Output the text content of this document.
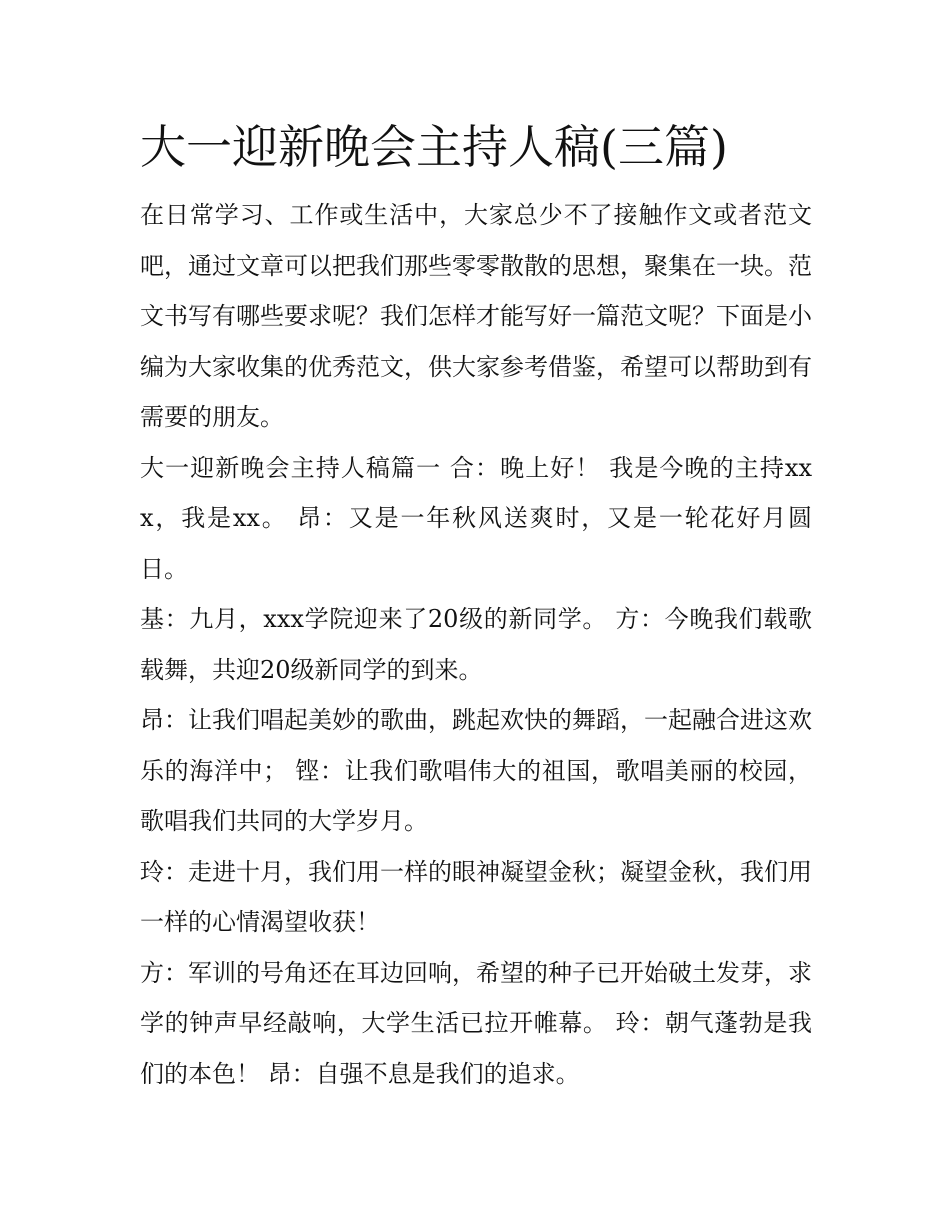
大一迎新晚会主持人稿(三篇)

在日常学习、工作或生活中，大家总少不了接触作文或者范文吧，通过文章可以把我们那些零零散散的思想，聚集在一块。范文书写有哪些要求呢？我们怎样才能写好一篇范文呢？下面是小编为大家收集的优秀范文，供大家参考借鉴，希望可以帮助到有需要的朋友。

大一迎新晚会主持人稿篇一 合：晚上好！ 我是今晚的主持xxx，我是xx。 昂：又是一年秋风送爽时，又是一轮花好月圆日。

基：九月，xxx学院迎来了20级的新同学。 方：今晚我们载歌载舞，共迎20级新同学的到来。

昂：让我们唱起美妙的歌曲，跳起欢快的舞蹈，一起融合进这欢乐的海洋中； 铿：让我们歌唱伟大的祖国，歌唱美丽的校园，歌唱我们共同的大学岁月。

玲：走进十月，我们用一样的眼神凝望金秋；凝望金秋，我们用一样的心情渴望收获！

方：军训的号角还在耳边回响，希望的种子已开始破土发芽，求学的钟声早经敲响，大学生活已拉开帷幕。 玲：朝气蓬勃是我们的本色！ 昂：自强不息是我们的追求。
